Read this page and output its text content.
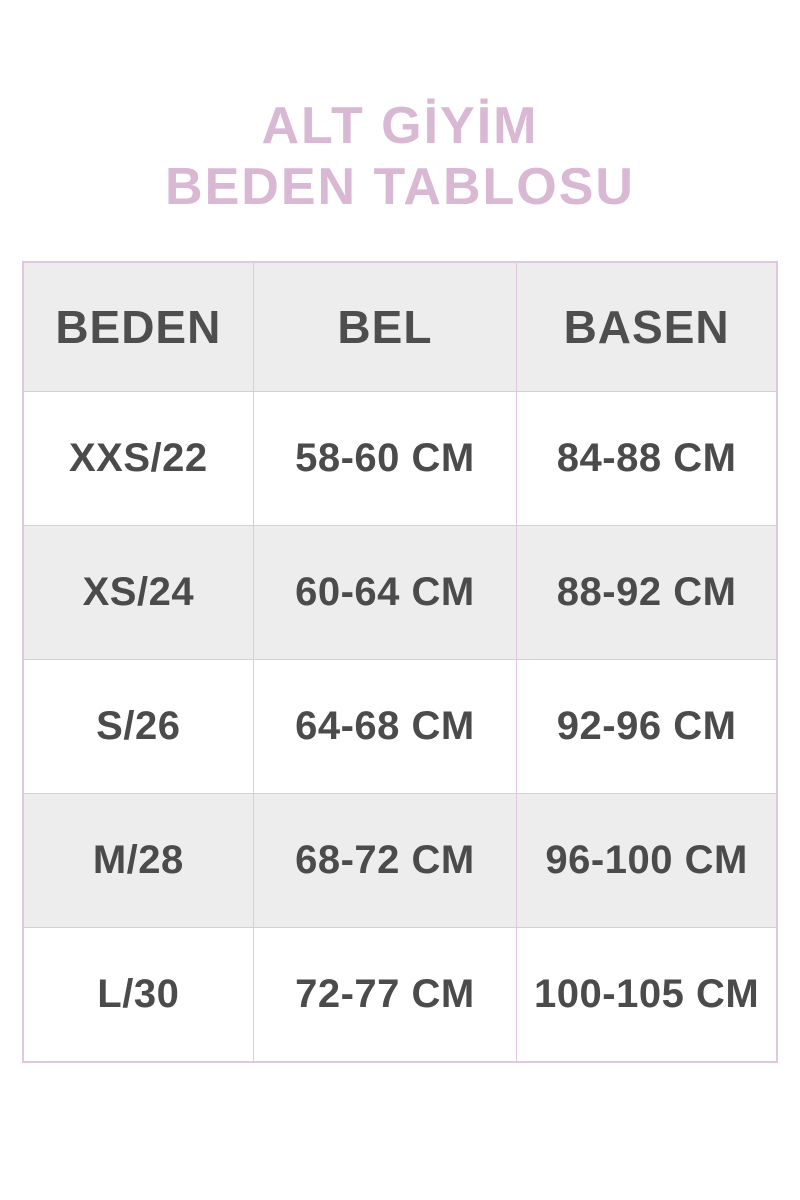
ALT GİYİM
BEDEN TABLOSU
BEDEN	BEL	BASEN

XXS/22	58-60 CM	84-88 CM

XS/24	60-64 CM	88-92 CM

S/26	64-68 CM	92-96 CM

M/28	68-72 CM	96-100 CM

L/30	72-77 CM	100-105 CM
